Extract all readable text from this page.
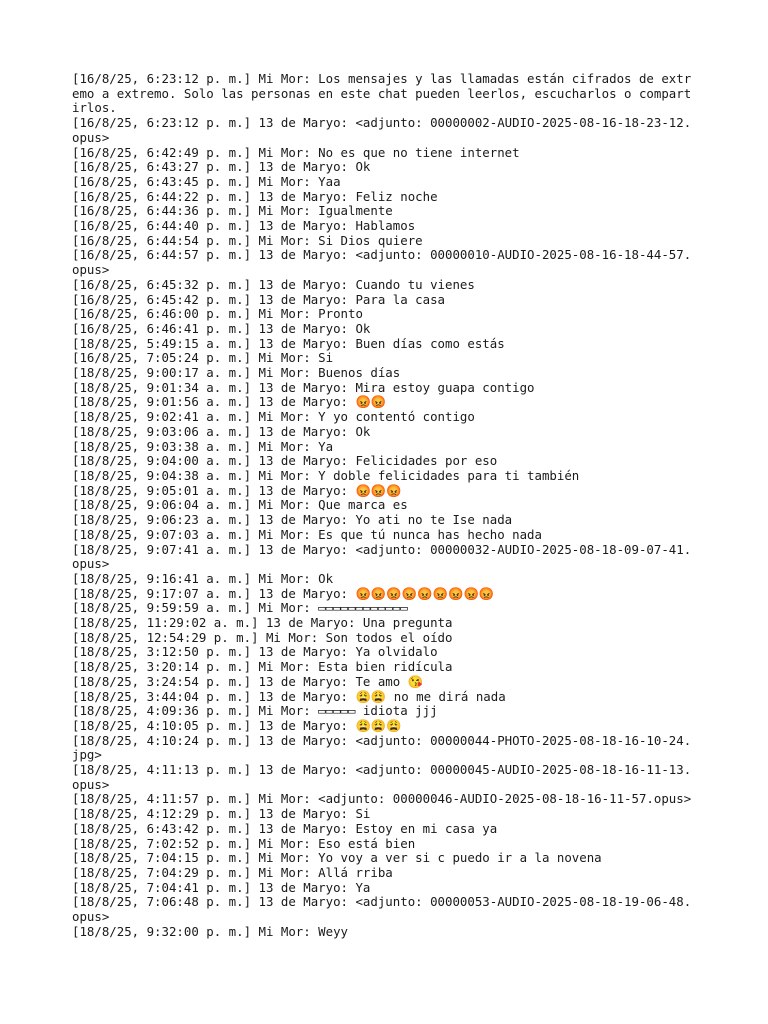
[16/8/25, 6:23:12 p. m.] Mi Mor: Los mensajes y las llamadas están cifrados de extremo a extremo. Solo las personas en este chat pueden leerlos, escucharlos o compartirlos.

[16/8/25, 6:23:12 p. m.] 13 de Maryo: <adjunto: 00000002-AUDIO-2025-08-16-18-23-12.opus>

[16/8/25, 6:42:49 p. m.] Mi Mor: No es que no tiene internet

[16/8/25, 6:43:27 p. m.] 13 de Maryo: Ok

[16/8/25, 6:43:45 p. m.] Mi Mor: Yaa

[16/8/25, 6:44:22 p. m.] 13 de Maryo: Feliz noche

[16/8/25, 6:44:36 p. m.] Mi Mor: Igualmente

[16/8/25, 6:44:40 p. m.] 13 de Maryo: Hablamos

[16/8/25, 6:44:54 p. m.] Mi Mor: Si Dios quiere

[16/8/25, 6:44:57 p. m.] 13 de Maryo: <adjunto: 00000010-AUDIO-2025-08-16-18-44-57.opus>

[16/8/25, 6:45:32 p. m.] 13 de Maryo: Cuando tu vienes

[16/8/25, 6:45:42 p. m.] 13 de Maryo: Para la casa

[16/8/25, 6:46:00 p. m.] Mi Mor: Pronto

[16/8/25, 6:46:41 p. m.] 13 de Maryo: Ok

[18/8/25, 5:49:15 a. m.] 13 de Maryo: Buen días como estás

[16/8/25, 7:05:24 p. m.] Mi Mor: Si

[18/8/25, 9:00:17 a. m.] Mi Mor: Buenos días

[18/8/25, 9:01:34 a. m.] 13 de Maryo: Mira estoy guapa contigo

[18/8/25, 9:01:56 a. m.] 13 de Maryo: 😡😡

[18/8/25, 9:02:41 a. m.] Mi Mor: Y yo contentó contigo

[18/8/25, 9:03:06 a. m.] 13 de Maryo: Ok

[18/8/25, 9:03:38 a. m.] Mi Mor: Ya

[18/8/25, 9:04:00 a. m.] 13 de Maryo: Felicidades por eso

[18/8/25, 9:04:38 a. m.] Mi Mor: Y doble felicidades para ti también

[18/8/25, 9:05:01 a. m.] 13 de Maryo: 😡😡😡

[18/8/25, 9:06:04 a. m.] Mi Mor: Que marca es

[18/8/25, 9:06:23 a. m.] 13 de Maryo: Yo ati no te Ise nada

[18/8/25, 9:07:03 a. m.] Mi Mor: Es que tú nunca has hecho nada

[18/8/25, 9:07:41 a. m.] 13 de Maryo: <adjunto: 00000032-AUDIO-2025-08-18-09-07-41.opus>

[18/8/25, 9:16:41 a. m.] Mi Mor: Ok

[18/8/25, 9:17:07 a. m.] 13 de Maryo: 😡😡😡😡😡😡😡😡😡

[18/8/25, 9:59:59 a. m.] Mi Mor: ▭▭▭▭▭▭▭▭▭▭▭▭

[18/8/25, 11:29:02 a. m.] 13 de Maryo: Una pregunta

[18/8/25, 12:54:29 p. m.] Mi Mor: Son todos el oído

[18/8/25, 3:12:50 p. m.] 13 de Maryo: Ya olvidalo

[18/8/25, 3:20:14 p. m.] Mi Mor: Esta bien ridícula

[18/8/25, 3:24:54 p. m.] 13 de Maryo: Te amo 😘

[18/8/25, 3:44:04 p. m.] 13 de Maryo: 😩😩 no me dirá nada

[18/8/25, 4:09:36 p. m.] Mi Mor: ▭▭▭▭▭ idiota jjj

[18/8/25, 4:10:05 p. m.] 13 de Maryo: 😩😩😩

[18/8/25, 4:10:24 p. m.] 13 de Maryo: <adjunto: 00000044-PHOTO-2025-08-18-16-10-24.jpg>

[18/8/25, 4:11:13 p. m.] 13 de Maryo: <adjunto: 00000045-AUDIO-2025-08-18-16-11-13.opus>

[18/8/25, 4:11:57 p. m.] Mi Mor: <adjunto: 00000046-AUDIO-2025-08-18-16-11-57.opus>

[18/8/25, 4:12:29 p. m.] 13 de Maryo: Si

[18/8/25, 6:43:42 p. m.] 13 de Maryo: Estoy en mi casa ya

[18/8/25, 7:02:52 p. m.] Mi Mor: Eso está bien

[18/8/25, 7:04:15 p. m.] Mi Mor: Yo voy a ver si c puedo ir a la novena

[18/8/25, 7:04:29 p. m.] Mi Mor: Allá rriba

[18/8/25, 7:04:41 p. m.] 13 de Maryo: Ya

[18/8/25, 7:06:48 p. m.] 13 de Maryo: <adjunto: 00000053-AUDIO-2025-08-18-19-06-48.opus>

[18/8/25, 9:32:00 p. m.] Mi Mor: Weyy
